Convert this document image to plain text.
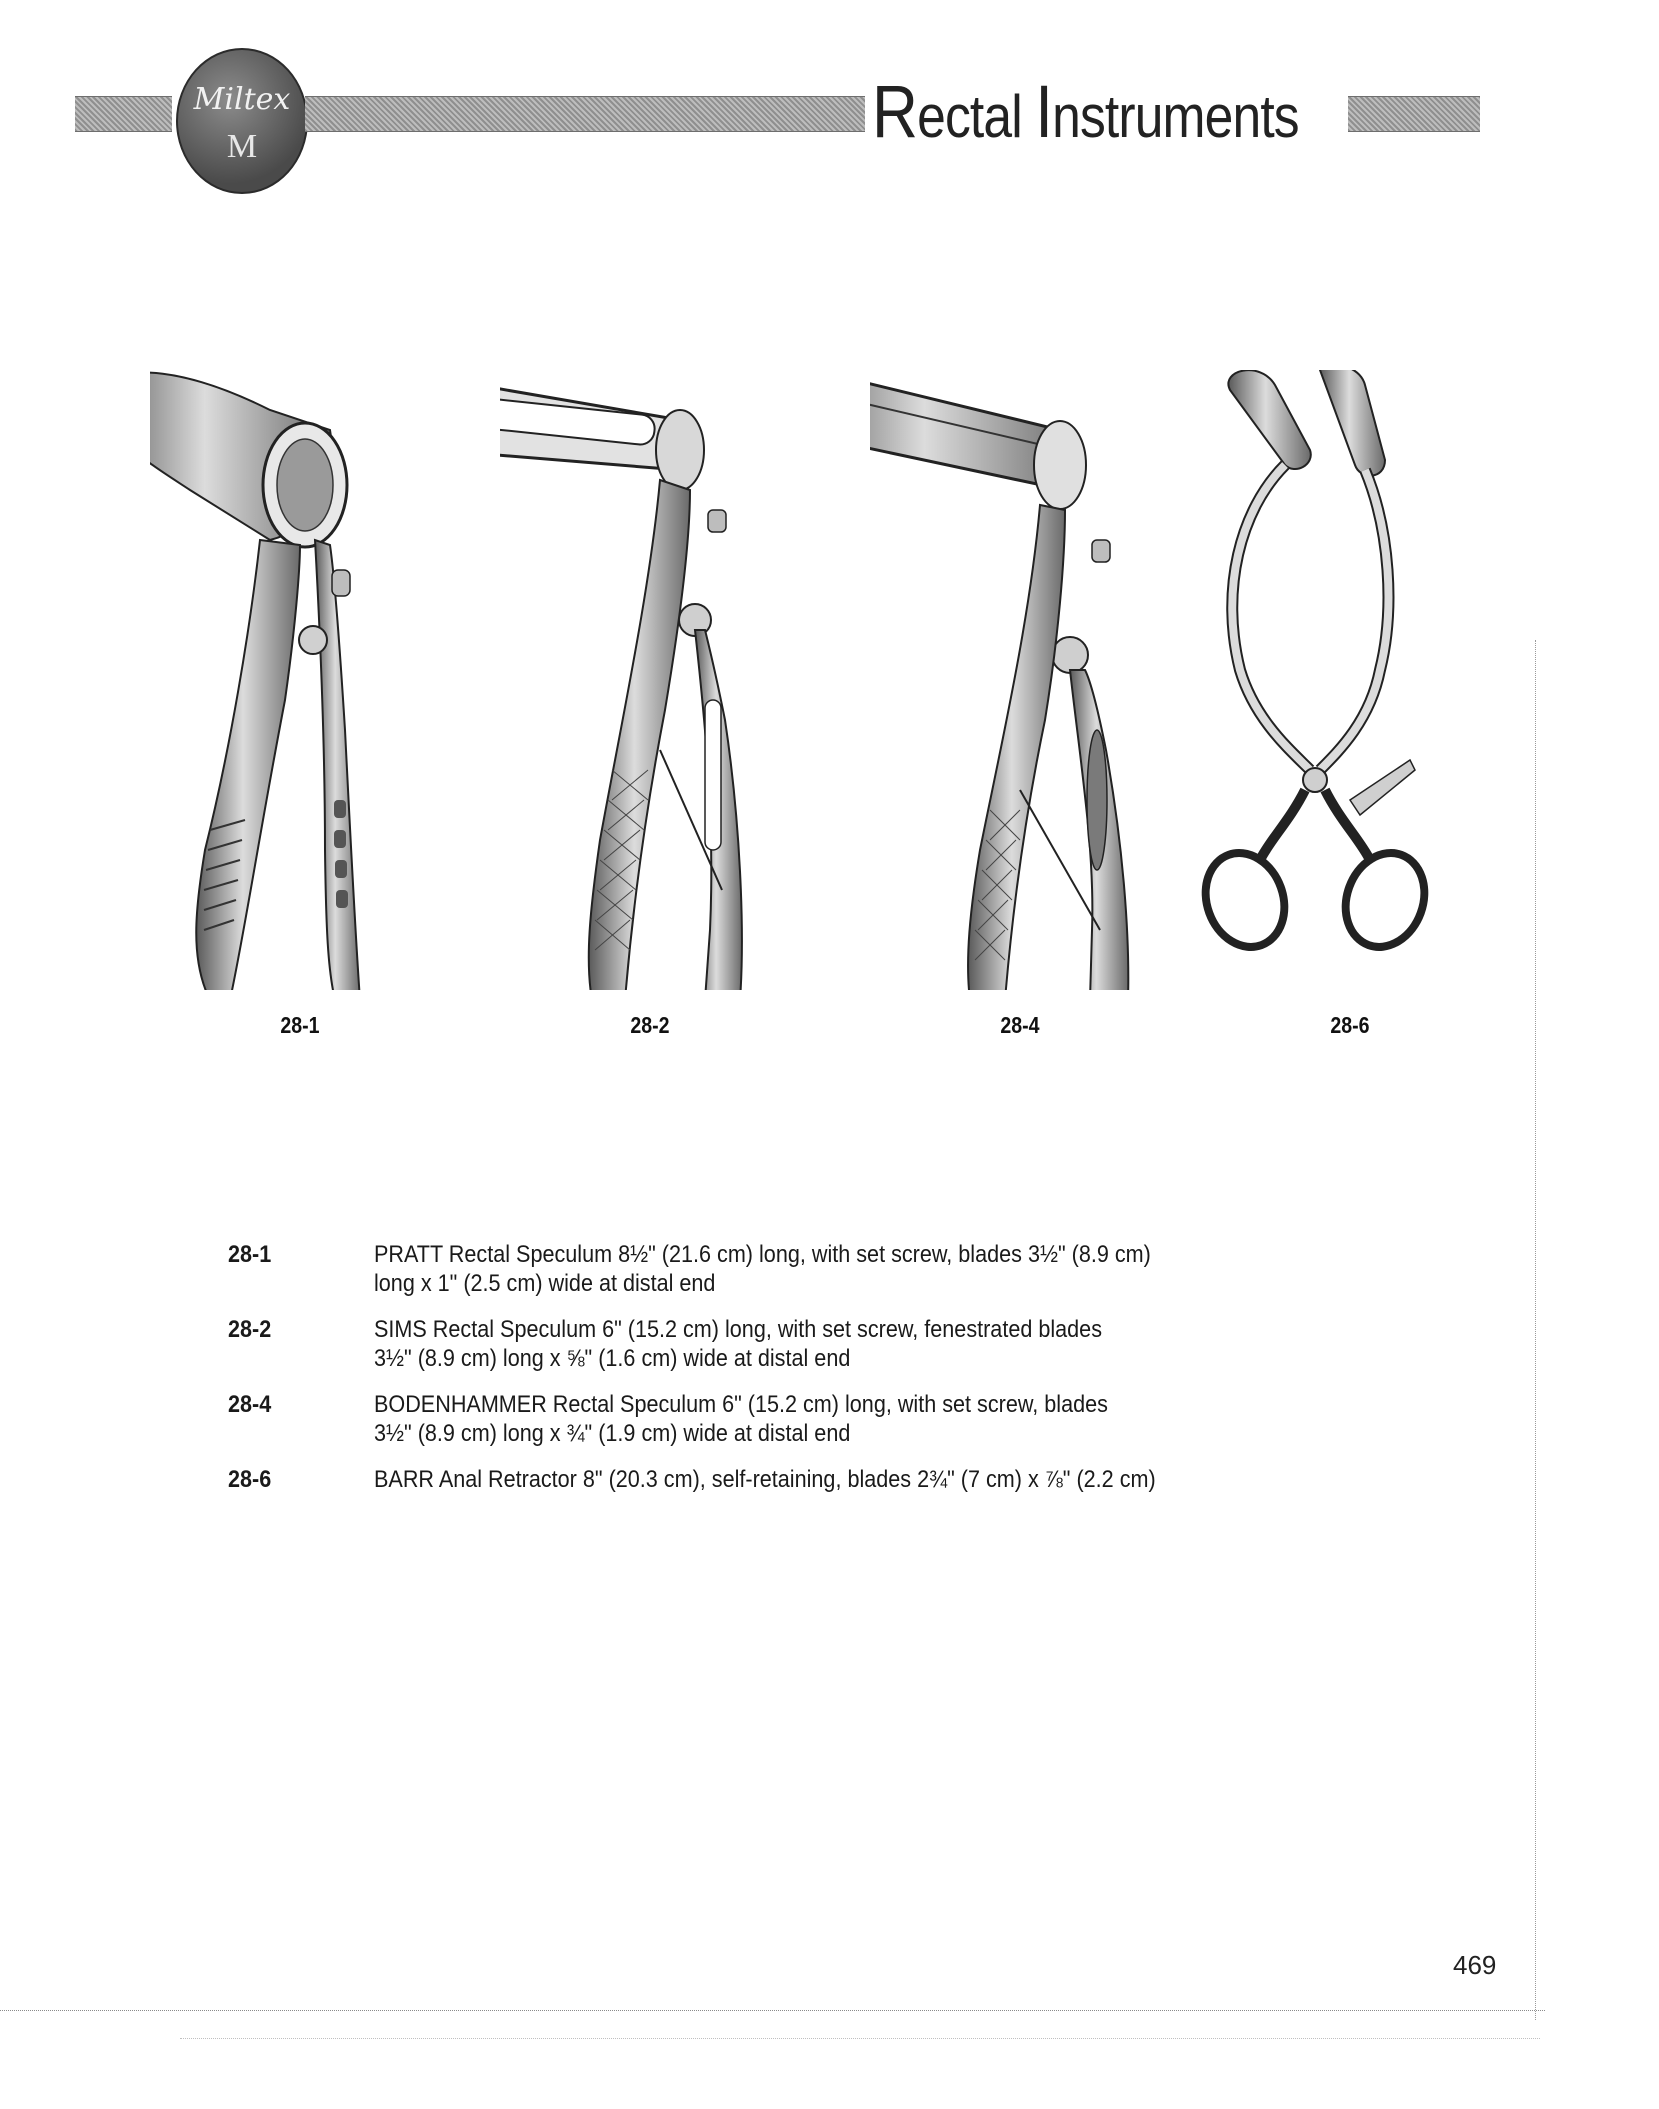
Miltex
M	Rectal Instruments
28-1	28-2	28-4	28-6
28-1	PRATT Rectal Speculum 8½" (21.6 cm) long, with set screw, blades 3½" (8.9 cm)
long x 1" (2.5 cm) wide at distal end
28-2	SIMS Rectal Speculum 6" (15.2 cm) long, with set screw, fenestrated blades
3½" (8.9 cm) long x ⅝" (1.6 cm) wide at distal end
28-4	BODENHAMMER Rectal Speculum 6" (15.2 cm) long, with set screw, blades
3½" (8.9 cm) long x ¾" (1.9 cm) wide at distal end
28-6	BARR Anal Retractor 8" (20.3 cm), self-retaining, blades 2¾" (7 cm) x ⅞" (2.2 cm)
469
